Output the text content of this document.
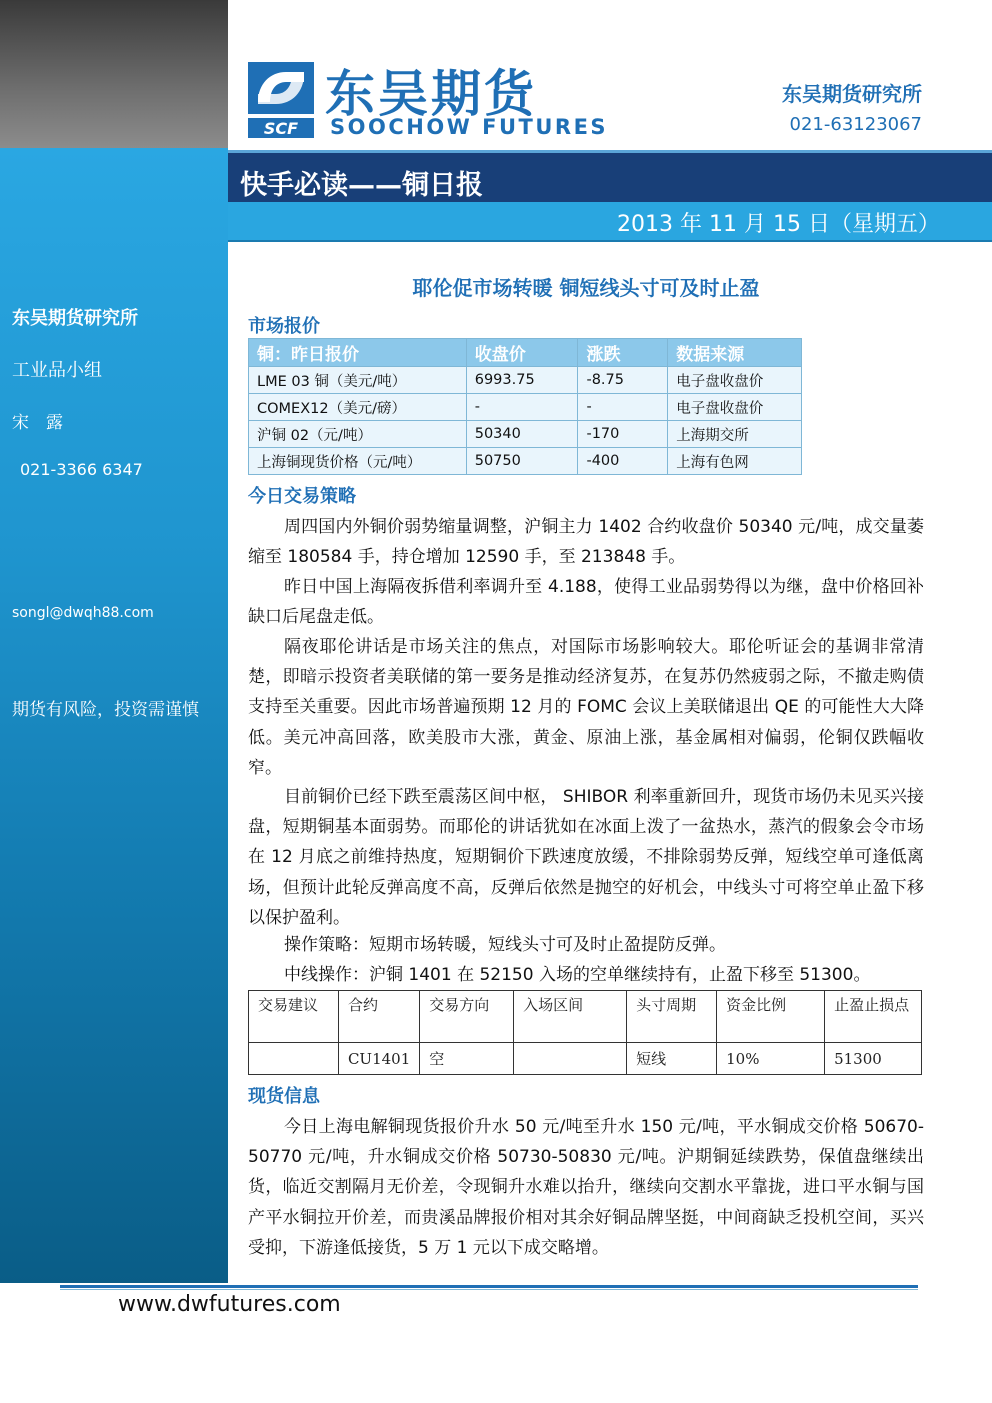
东吴期货研究所
工业品小组
宋　露
021-3366 6347
songl@dwqh88.com
期货有风险，投资需谨慎
SCF
东吴期货
SOOCHOW FUTURES
东吴期货研究所
021-63123067
快手必读——铜日报
2013 年 11 月 15 日（星期五）
耶伦促市场转暖 铜短线头寸可及时止盈
市场报价
铜：昨日报价	收盘价	涨跌	数据来源
LME 03 铜（美元/吨）	6993.75	-8.75	电子盘收盘价
COMEX12（美元/磅）	-	-	电子盘收盘价
沪铜 02（元/吨）	50340	-170	上海期交所
上海铜现货价格（元/吨）	50750	-400	上海有色网
今日交易策略

周四国内外铜价弱势缩量调整，沪铜主力 1402 合约收盘价 50340 元/吨，成交量萎缩至 180584 手，持仓增加 12590 手，至 213848 手。

昨日中国上海隔夜拆借利率调升至 4.188，使得工业品弱势得以为继，盘中价格回补缺口后尾盘走低。

隔夜耶伦讲话是市场关注的焦点，对国际市场影响较大。耶伦听证会的基调非常清楚，即暗示投资者美联储的第一要务是推动经济复苏，在复苏仍然疲弱之际，不撤走购债支持至关重要。因此市场普遍预期 12 月的 FOMC 会议上美联储退出 QE 的可能性大大降低。美元冲高回落，欧美股市大涨，黄金、原油上涨，基金属相对偏弱，伦铜仅跌幅收窄。

目前铜价已经下跌至震荡区间中枢， SHIBOR 利率重新回升，现货市场仍未见买兴接盘，短期铜基本面弱势。而耶伦的讲话犹如在冰面上泼了一盆热水，蒸汽的假象会令市场在 12 月底之前维持热度，短期铜价下跌速度放缓，不排除弱势反弹，短线空单可逢低离场，但预计此轮反弹高度不高，反弹后依然是抛空的好机会，中线头寸可将空单止盈下移以保护盈利。

操作策略：短期市场转暖，短线头寸可及时止盈提防反弹。

中线操作：沪铜 1401 在 52150 入场的空单继续持有，止盈下移至 51300。

交易建议	合约	交易方向	入场区间	头寸周期	资金比例	止盈止损点
	CU1401	空		短线	10%	51300
现货信息

今日上海电解铜现货报价升水 50 元/吨至升水 150 元/吨，平水铜成交价格 50670-50770 元/吨，升水铜成交价格 50730-50830 元/吨。沪期铜延续跌势，保值盘继续出货，临近交割隔月无价差，令现铜升水难以抬升，继续向交割水平靠拢，进口平水铜与国产平水铜拉开价差，而贵溪品牌报价相对其余好铜品牌坚挺，中间商缺乏投机空间，买兴受抑，下游逢低接货，5 万 1 元以下成交略增。

www.dwfutures.com
